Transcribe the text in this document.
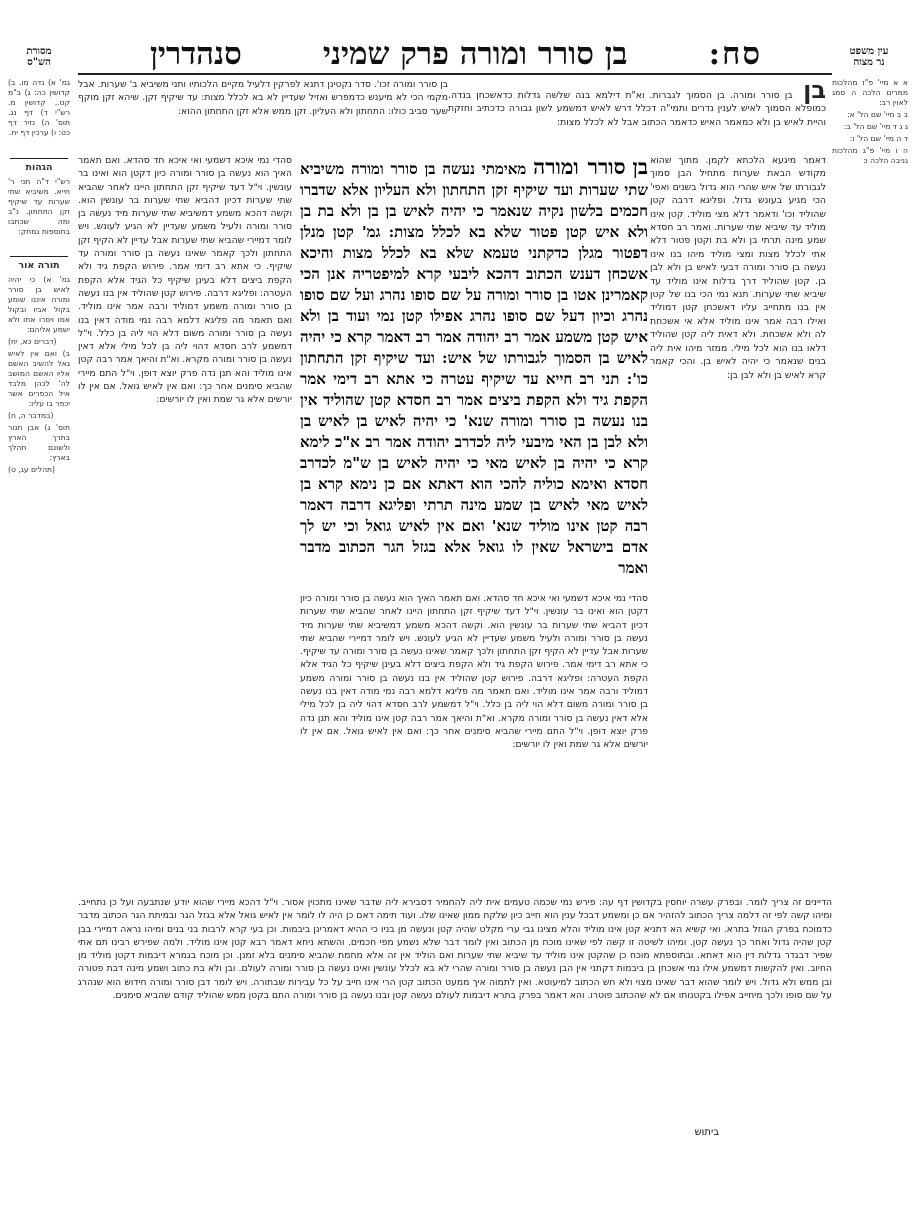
עין משפט
נר מצוה
מסורת
הש"ס	סח:
בן סורר ומורה פרק שמיני
סנהדרין

גמ' א) נדה מו. ב) קדושין כה: ג) ב"מ קט., קדושין מ. רש"י ד) דף נג. תוס' ה) נזיר דף כט: ו) ערכין דף יח.

הגהות

רש"י ד"ה תני ר' חייא. משיביא שתי שערות עד שיקיף זקן התחתון. נ"ב ומה שכתבו בתוספות נמחק:

תורה אור

גמ' א) כי יהיה לאיש בן סורר ומורה איננו שומע בקול אביו ובקול אמו ויסרו אתו ולא ישמע אליהם:

(דברים כא, יח)

ב) ואם אין לאיש גאל להשיב האשם אליו האשם המושב לה' לכהן מלבד איל הכפרים אשר יכפר בו עליו:

(במדבר ה, ח)

תוס' ג) אבן תנור בתרך הארץ ולשונם תהלך בארץ:

(תהלים עג, ט)

א א מיי' פ"ז מהלכות ממרים הלכה ה סמג לאוין רב:

ב ב מיי' שם הל' א:

ג ג ד מיי' שם הל' ב:

ד ה מיי' שם הל' ו:

ה ו מיי' פ"ג מהלכות גניבה הלכה ו:

בן בן סורר ומורה. בן הסמוך לגברות. וא"ת דילמא בנה שלשה גדלות כדאשכחן בנדה. כמופלא הסמוך לאיש לענין נדרים ותמי"ה דכלל דרש לאיש דמשמע לשון גבורה כדכתיב וחזקת והיית לאיש בן ולא כמאמר האיש כדאמר הכתוב אבל לא לכלל מצות:
בן סורר ומורה זכו'. סדר נקטינן דתנא לפרקין דלעיל מקיים הלכותיו ותני משיביא ב' שערות. אבל מקמי הכי לא מיענש כדמפרש ואזיל שעדיין לא בא לכלל מצות: עד שיקיף זקן. שיהא זקן מוקף שער סביב כולו: התחתון ולא העליון. זקן ממש אלא זקן התחתון ההוא:
דאמר מיגעא הלכתא לקמן. מתוך שהוא מקודש הבאת שערות מתחיל הבן סמוך לגבורתו של איש שהרי הוא גדול בשנים ואפי' הכי מגיע בעונש גדול. ופליגא דרבה קטן שהוליד וכו' ודאמר דלא מצי מוליד. קטן אינו מוליד עד שיביא שתי שערות. ואמר רב חסדא שמע מינה תרתי בן ולא בת וקטן פטור דלא אתי לכלל מצות ומצי מוליד מיהו בנו אינו נעשה בן סורר ומורה דבעי לאיש בן ולא לבן בן. קטן שהוליד דרך גדלות אינו מוליד עד שיביא שתי שערות. תנא נמי הכי בנו של קטן אין בנו מתחייב עליו דאשכחן קטן דמוליד ואילו רבה אמר אינו מוליד אלא אי אשכחת לה ולא אשכחת. ולא דאית ליה קטן שהוליד דלאו בנו הוא לכל מילי. ממזר מיהו אית ליה בנים שנאמר כי יהיה לאיש בן. והכי קאמר קרא לאיש בן ולא לבן בן:
בן סורר ומורה מאימתי נעשה בן סורר ומורה משיביא שתי שערות ועד שיקיף זקן התחתון ולא העליון אלא שדברו חכמים בלשון נקיה שנאמר כי יהיה לאיש בן בן ולא בת בן ולא איש קטן פטור שלא בא לכלל מצות: גמ' קטן מנלן דפטור מגלן כדקתני טעמא שלא בא לכלל מצות והיכא אשכחן דענש הכתוב דהכא ליבעי קרא למיפטריה אנן הכי קאמרינן אטו בן סורר ומורה על שם סופו נהרג ועל שם סופו נהרג וכיון דעל שם סופו נהרג אפילו קטן נמי ועוד בן ולא איש קטן משמע אמר רב יהודה אמר רב דאמר קרא כי יהיה לאיש בן הסמוך לגבורתו של איש: ועד שיקיף זקן התחתון כו': תני רב חייא עד שיקיף עטרה כי אתא רב דימי אמר הקפת גיד ולא הקפת ביצים אמר רב חסדא קטן שהוליד אין בנו נעשה בן סורר ומורה שנא' כי יהיה לאיש בן לאיש בן ולא לבן בן האי מיבעי ליה לכדרב יהודה אמר רב א"כ לימא קרא כי יהיה בן לאיש מאי כי יהיה לאיש בן ש"מ לכדרב חסדא ואימא כוליה להכי הוא דאתא אם כן נימא קרא בן לאיש מאי לאיש בן שמע מינה תרתי ופליגא דרבה דאמר רבה קטן אינו מוליד שנא' ואם אין לאיש גואל וכי יש לך אדם בישראל שאין לו גואל אלא בגזל הגר הכתוב מדבר ואמר
סהדי נמי איכא דשמעי ואי איכא חד סהדא. ואם תאמר האיך הוא נעשה בן סורר ומורה כיון דקטן הוא ואינו בר עונשין. וי"ל דעד שיקיף זקן התחתון היינו לאחר שהביא שתי שערות דכיון דהביא שתי שערות בר עונשין הוא. וקשה דהכא משמע דמשיביא שתי שערות מיד נעשה בן סורר ומורה ולעיל משמע שעדיין לא הגיע לעונש. ויש לומר דמיירי שהביא שתי שערות אבל עדיין לא הקיף זקן התחתון ולכך קאמר שאינו נעשה בן סורר ומורה עד שיקיף. כי אתא רב דימי אמר. פירוש הקפת גיד ולא הקפת ביצים דלא בעינן שיקיף כל הגיד אלא הקפת העטרה: ופליגא דרבה. פירוש קטן שהוליד אין בנו נעשה בן סורר ומורה משמע דמוליד ורבה אמר אינו מוליד. ואם תאמר מה פליגא דלמא רבה נמי מודה דאין בנו נעשה בן סורר ומורה משום דלא הוי ליה בן כלל. וי"ל דמשמע לרב חסדא דהוי ליה בן לכל מילי אלא דאין נעשה בן סורר ומורה מקרא. וא"ת והיאך אמר רבה קטן אינו מוליד והא תנן נדה פרק יוצא דופן. וי"ל התם מיירי שהביא סימנים אחר כך: ואם אין לאיש גואל. אם אין לו יורשים אלא גר שמת ואין לו יורשים:
סהדי נמי איכא דשמעי ואי איכא חד סהדא. ואם תאמר האיך הוא נעשה בן סורר ומורה כיון דקטן הוא ואינו בר עונשין. וי"ל דעד שיקיף זקן התחתון היינו לאחר שהביא שתי שערות דכיון דהביא שתי שערות בר עונשין הוא. וקשה דהכא משמע דמשיביא שתי שערות מיד נעשה בן סורר ומורה ולעיל משמע שעדיין לא הגיע לעונש. ויש לומר דמיירי שהביא שתי שערות אבל עדיין לא הקיף זקן התחתון ולכך קאמר שאינו נעשה בן סורר ומורה עד שיקיף. כי אתא רב דימי אמר. פירוש הקפת גיד ולא הקפת ביצים דלא בעינן שיקיף כל הגיד אלא הקפת העטרה: ופליגא דרבה. פירוש קטן שהוליד אין בנו נעשה בן סורר ומורה משמע דמוליד ורבה אמר אינו מוליד. ואם תאמר מה פליגא דלמא רבה נמי מודה דאין בנו נעשה בן סורר ומורה משום דלא הוי ליה בן כלל. וי"ל דמשמע לרב חסדא דהוי ליה בן לכל מילי אלא דאין נעשה בן סורר ומורה מקרא. וא"ת והיאך אמר רבה קטן אינו מוליד והא תנן נדה פרק יוצא דופן. וי"ל התם מיירי שהביא סימנים אחר כך: ואם אין לאיש גואל. אם אין לו יורשים אלא גר שמת ואין לו יורשים:
הדיינים זה צריך לומר. ובפרק עשרה יוחסין בקדושין דף עה: פירש נמי שכמה טעמים אית ליה להחמיר דסבירא ליה שדבר שאינו מתכוין אסור. וי"ל דהכא מיירי שהוא יודע שנתבעה ועל כן נתחייב. ומיהו קשה לפי זה דלמה צריך הכתוב להזהיר אם כן ומשמע דבכל ענין הוא חייב כיון שלקח ממון שאינו שלו. ועוד תימה דאם כן היה לו לומר אין לאיש גואל אלא בגזל הגר ובמיתת הגר הכתוב מדבר כדמוכח בפרק הגוזל בתרא. ואי קשיא הא דתניא קטן אינו מוליד והלא מצינו גבי ערי מקלט שהיה קטן ונעשה מן בניו כי ההיא דאמרינן ביבמות. וכן בעי קרא לרבות בני בנים ומיהו נראה דמיירי בבן קטן שהיה גדול ואחר כך נעשה קטן. ומיהו לשיטה זו קשה לפי שאינו מוכח מן הכתוב ואין לומר דבר שלא נשמע מפי חכמים. והשתא ניחא דאמר רבא קטן אינו מוליד. ולמה שפירש רבינו תם אתי שפיר דבגדר גדלות דין הוא דאתא. ובתוספתא מוכח כן שהקטן אינו מוליד עד שיביא שתי שערות ואם הוליד אין זה אלא מחמת שהביא סימנים בלא זמנן. וכן מוכח בגמרא דיבמות דקטן מוליד מן החיוב. ואין להקשות דמשמע אילו נמי אשכחן בן ביבמות דקתני אין הבן נעשה בן סורר ומורה שהרי לא בא לכלל עונשין ואינו נעשה בן סורר ומורה לעולם. ובן ולא בת כתוב ושמע מינה דבת פטורה ובן ממש ולא גדול. ויש לומר שהוא דבר שאינו מצוי ולא חש הכתוב למיעוטא. ואין לתמוה איך ממעט הכתוב קטן הרי אינו חייב על כל עבירות שבתורה. ויש לומר דבן סורר ומורה חידוש הוא שנהרג על שם סופו ולכך מיחייב אפילו בקטנותו אם לא שהכתוב פוטרו. והא דאמר בפרק בתרא דיבמות לעולם נעשה קטן ובנו נעשה בן סורר ומורה התם בקטן ממש שהוליד קודם שהביא סימנים.
ביתוש
